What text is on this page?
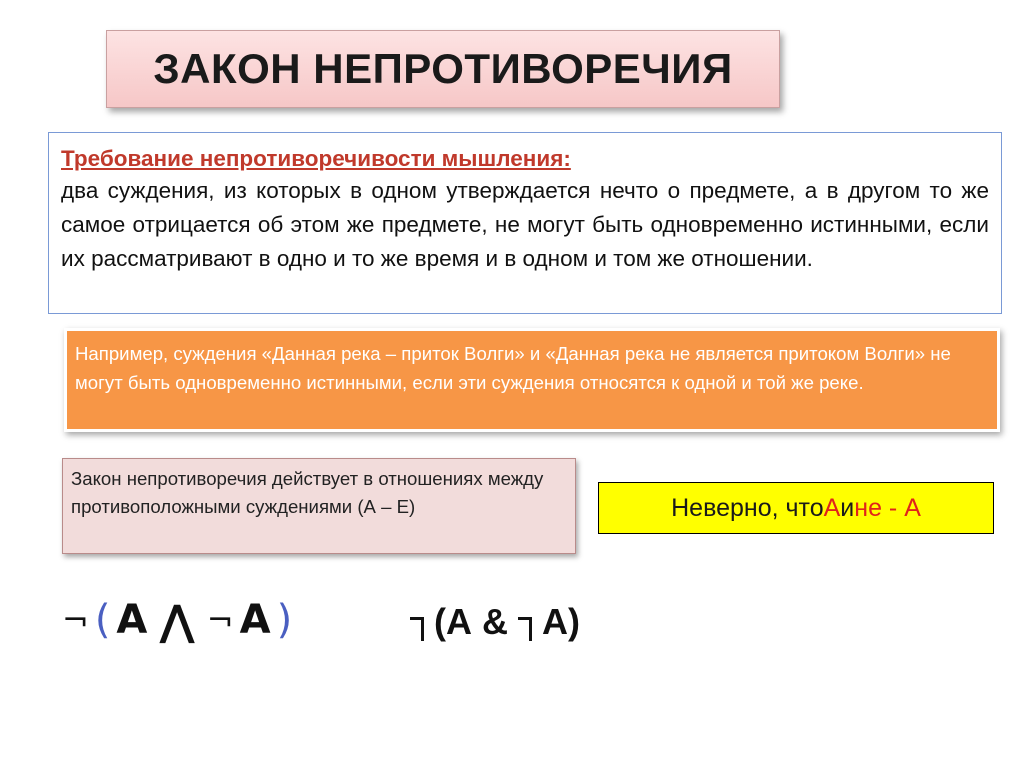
ЗАКОН НЕПРОТИВОРЕЧИЯ
Требование непротиворечивости мышления:
два суждения, из которых в одном утверждается нечто о предмете, а в другом то же самое отрицается об этом же предмете, не могут быть одновременно истинными, если их рассматривают в одно и то же время и в одном и том же отношении.
Например, суждения «Данная река – приток Волги» и «Данная река не является притоком Волги» не могут быть одновременно истинными, если эти суждения относятся к одной и той же реке.
Закон непротиворечия действует в отношениях между противоположными суждениями (А – Е)	Неверно , что А и не - А
¬ ( A ⋀ ¬ A )	(А & А)
